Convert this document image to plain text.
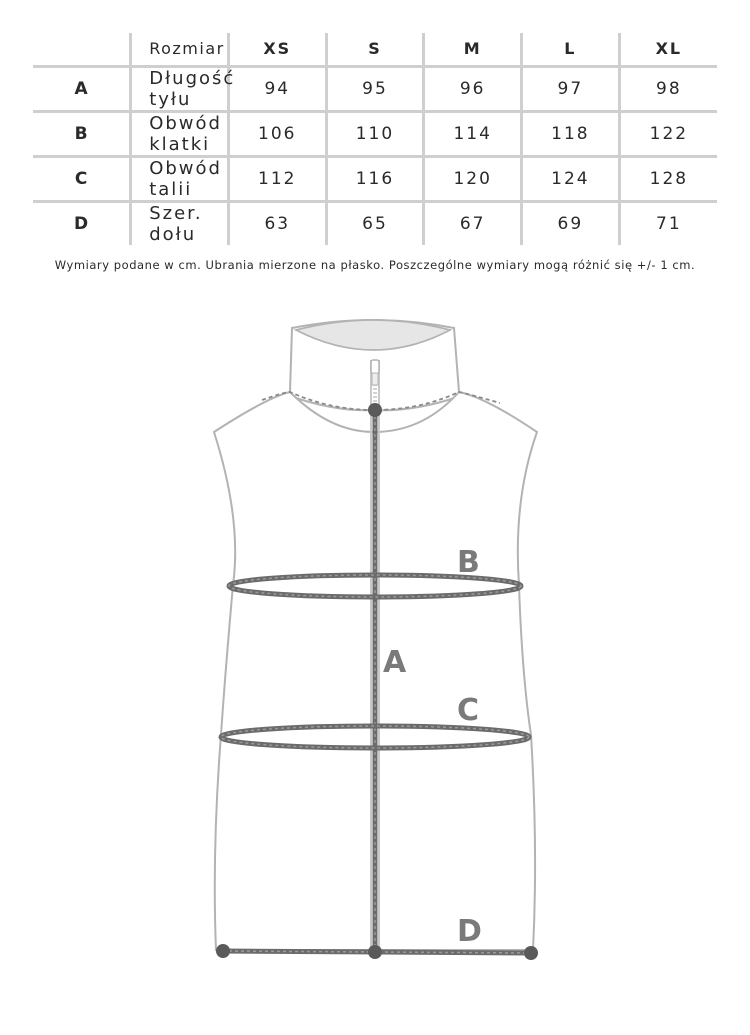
	Rozmiar	XS	S	M	L	XL
A	Długość tyłu	94	95	96	97	98
B	Obwód klatki	106	110	114	118	122
C	Obwód talii	112	116	120	124	128
D	Szer. dołu	63	65	67	69	71
Wymiary podane w cm. Ubrania mierzone na płasko. Poszczególne wymiary mogą różnić się +/- 1 cm.
B
A
C
D
